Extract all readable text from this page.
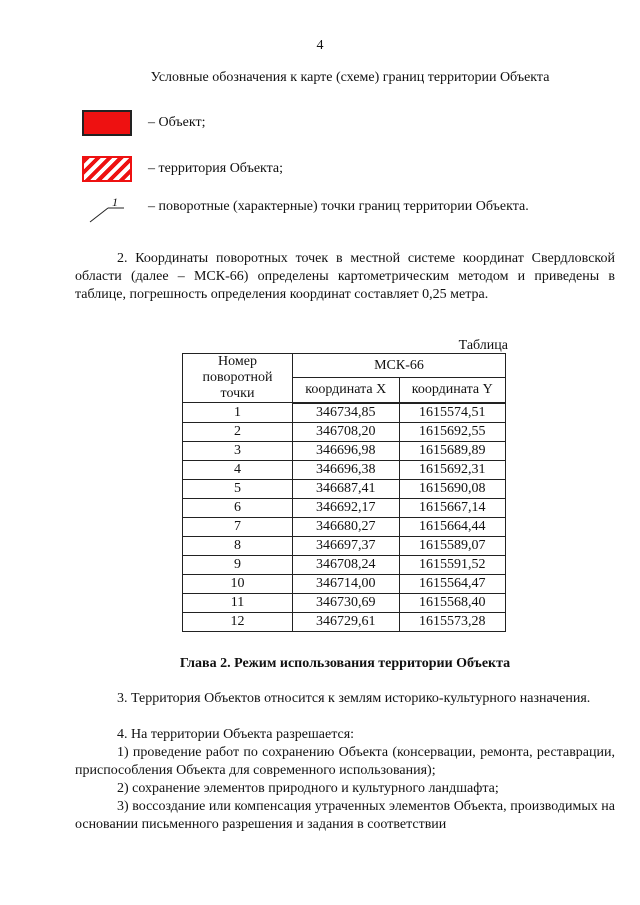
4
Условные обозначения к карте (схеме) границ территории Объекта
– Объект;
– территория Объекта;
1 – поворотные (характерные) точки границ территории Объекта.
2. Координаты поворотных точек в местной системе координат Свердловской области (далее – МСК-66) определены картометрическим методом и приведены в таблице, погрешность определения координат составляет 0,25 метра.
Таблица
Номер поворотной точки	МСК-66	
	координата X	координата Y
1	346734,85	1615574,51
2	346708,20	1615692,55
3	346696,98	1615689,89
4	346696,38	1615692,31
5	346687,41	1615690,08
6	346692,17	1615667,14
7	346680,27	1615664,44
8	346697,37	1615589,07
9	346708,24	1615591,52
10	346714,00	1615564,47
11	346730,69	1615568,40
12	346729,61	1615573,28
Глава 2. Режим использования территории Объекта
3. Территория Объектов относится к землям историко-культурного назначения.
4. На территории Объекта разрешается:
1) проведение работ по сохранению Объекта (консервации, ремонта, реставрации, приспособления Объекта для современного использования);
2) сохранение элементов природного и культурного ландшафта;
3) воссоздание или компенсация утраченных элементов Объекта, производимых на основании письменного разрешения и задания в соответствии
